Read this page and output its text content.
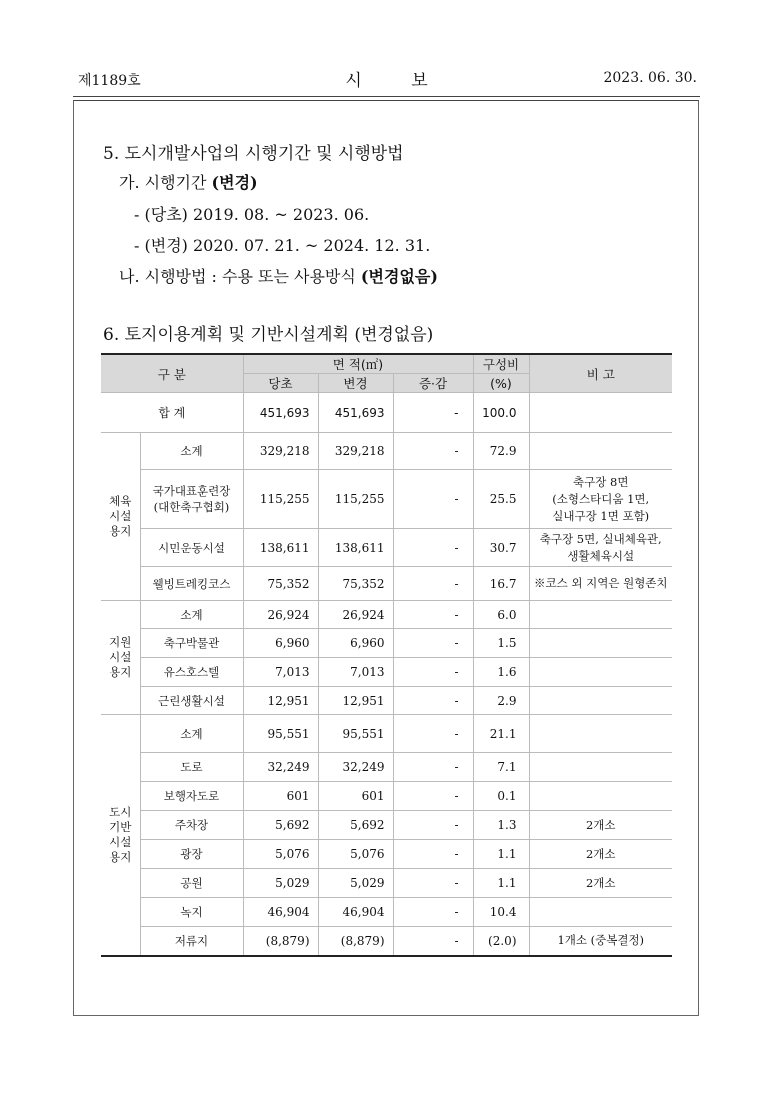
제1189호	시 보	2023. 06. 30.
5. 도시개발사업의 시행기간 및 시행방법
가. 시행기간 (변경)
- (당초) 2019. 08. ~ 2023. 06.
- (변경) 2020. 07. 21. ~ 2024. 12. 31.
나. 시행방법 : 수용 또는 사용방식 (변경없음)
6. 토지이용계획 및 기반시설계획 (변경없음)
구 분		면 적(㎡)			구성비	비 고
		당초	변경	증·감	(%)	
합 계		451,693	451,693	-	100.0	
체육
시설
용지	소계	329,218	329,218	-	72.9	
	국가대표훈련장
(대한축구협회)	115,255	115,255	-	25.5	축구장 8면
(소형스타디움 1면,
실내구장 1면 포함)
	시민운동시설	138,611	138,611	-	30.7	축구장 5면, 실내체육관,
생활체육시설
	웰빙트레킹코스	75,352	75,352	-	16.7	※코스 외 지역은 원형존치
지원
시설
용지	소계	26,924	26,924	-	6.0	
	축구박물관	6,960	6,960	-	1.5	
	유스호스텔	7,013	7,013	-	1.6	
	근린생활시설	12,951	12,951	-	2.9	
도시
기반
시설
용지	소계	95,551	95,551	-	21.1	
	도로	32,249	32,249	-	7.1	
	보행자도로	601	601	-	0.1	
	주차장	5,692	5,692	-	1.3	2개소
	광장	5,076	5,076	-	1.1	2개소
	공원	5,029	5,029	-	1.1	2개소
	녹지	46,904	46,904	-	10.4	
	저류지	(8,879)	(8,879)	-	(2.0)	1개소 (중복결정)
